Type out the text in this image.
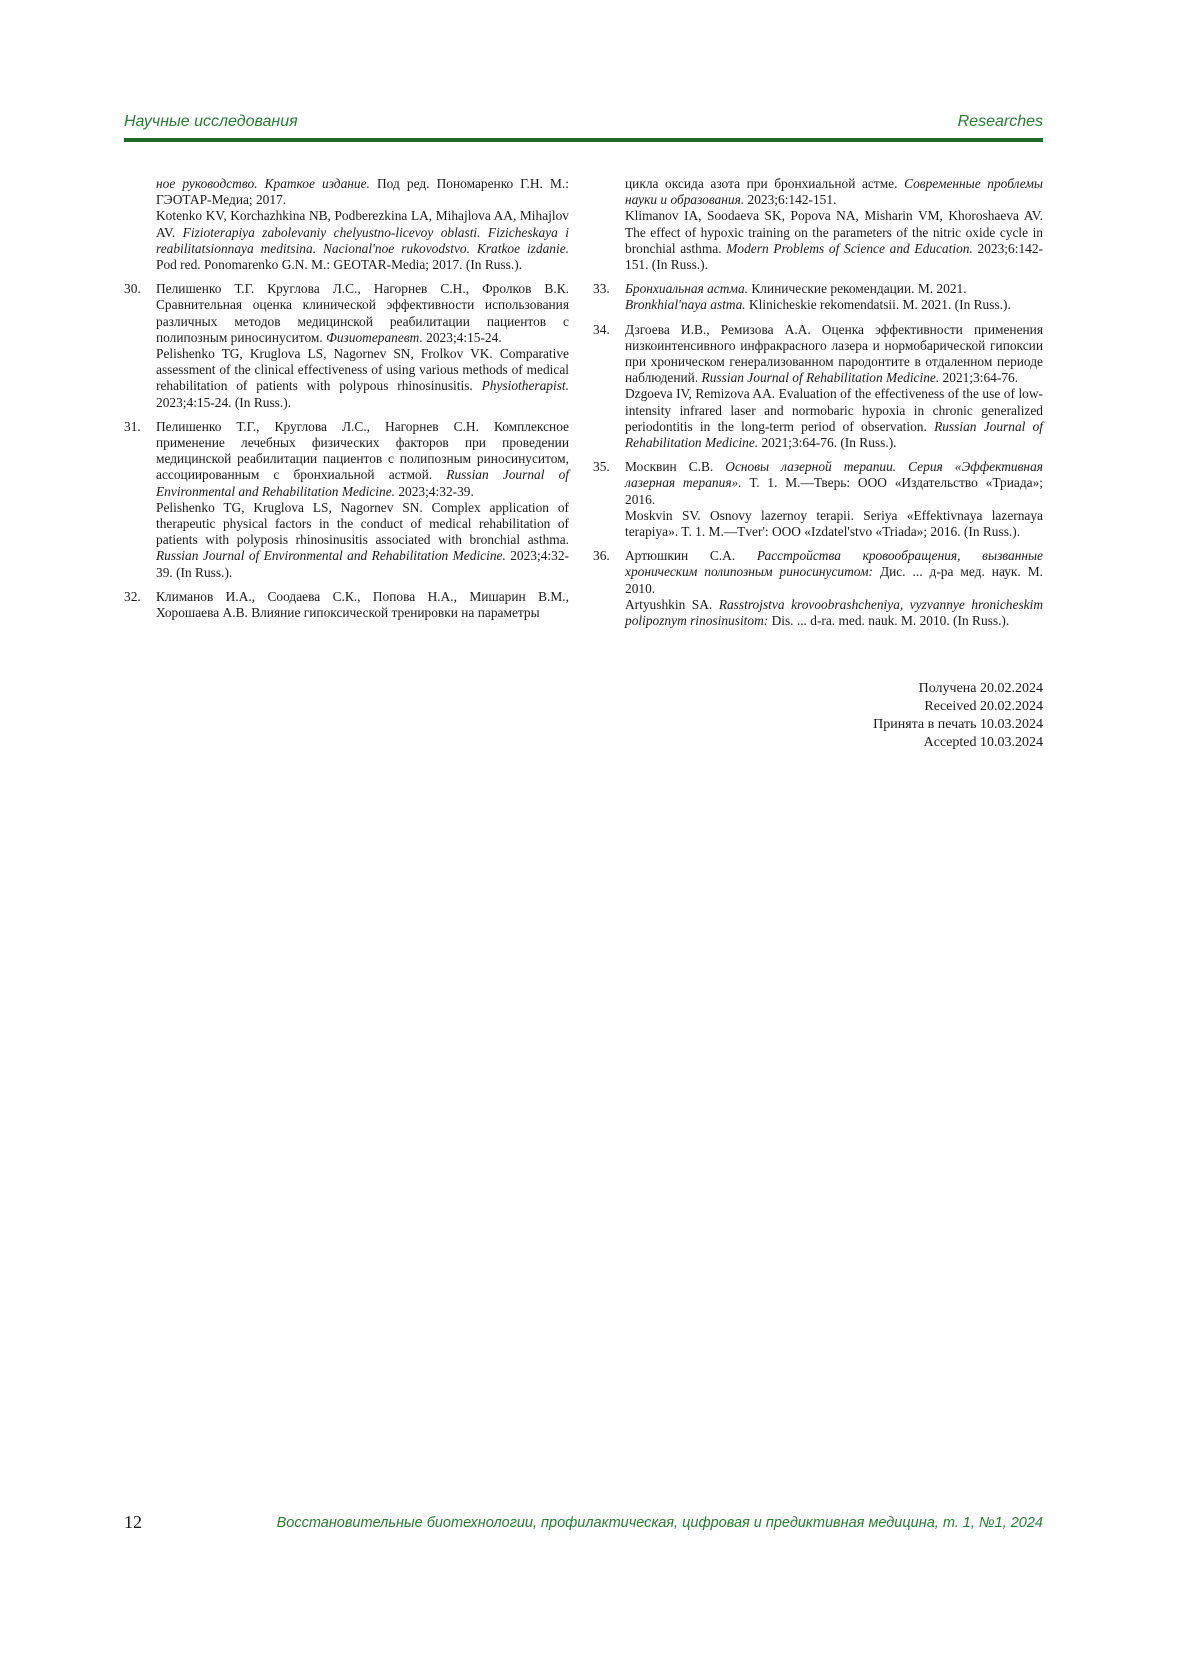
Научные исследования	Researches

ное руководство. Краткое издание. Под ред. Пономаренко Г.Н. М.: ГЭОТАР-Медиа; 2017.

Kotenko KV, Korchazhkina NB, Podberezkina LA, Mihajlova AA, Mihajlov AV. Fizioterapiya zabolevaniy chelyustno-licevoy oblasti. Fizicheskaya i reabilitatsionnaya meditsina. Nacional'noe rukovodstvo. Kratkoe izdanie. Pod red. Ponomarenko G.N. M.: GEOTAR-Media; 2017. (In Russ.).

30. Пелишенко Т.Г. Круглова Л.С., Нагорнев С.Н., Фролков В.К. Сравнительная оценка клинической эффективности использования различных методов медицинской реабилитации пациентов с полипозным риносинуситом. Физиотерапевт. 2023;4:15-24.

Pelishenko TG, Kruglova LS, Nagornev SN, Frolkov VK. Comparative assessment of the clinical effectiveness of using various methods of medical rehabilitation of patients with polypous rhinosinusitis. Physiotherapist. 2023;4:15-24. (In Russ.).

31. Пелишенко Т.Г., Круглова Л.С., Нагорнев С.Н. Комплексное применение лечебных физических факторов при проведении медицинской реабилитации пациентов с полипозным риносинуситом, ассоциированным с бронхиальной астмой. Russian Journal of Environmental and Rehabilitation Medicine. 2023;4:32-39.

Pelishenko TG, Kruglova LS, Nagornev SN. Complex application of therapeutic physical factors in the conduct of medical rehabilitation of patients with polyposis rhinosinusitis associated with bronchial asthma. Russian Journal of Environmental and Rehabilitation Medicine. 2023;4:32-39. (In Russ.).

32. Климанов И.А., Соодаева С.К., Попова Н.А., Мишарин В.М., Хорошаева А.В. Влияние гипоксической тренировки на параметры

цикла оксида азота при бронхиальной астме. Современные проблемы науки и образования. 2023;6:142-151.

Klimanov IA, Soodaeva SK, Popova NA, Misharin VM, Khoroshaeva AV. The effect of hypoxic training on the parameters of the nitric oxide cycle in bronchial asthma. Modern Problems of Science and Education. 2023;6:142-151. (In Russ.).

33. Бронхиальная астма. Клинические рекомендации. М. 2021.

Bronkhial'naya astma. Klinicheskie rekomendatsii. M. 2021. (In Russ.).

34. Дзгоева И.В., Ремизова А.А. Оценка эффективности применения низкоинтенсивного инфракрасного лазера и нормобарической гипоксии при хроническом генерализованном пародонтите в отдаленном периоде наблюдений. Russian Journal of Rehabilitation Medicine. 2021;3:64-76.

Dzgoeva IV, Remizova AA. Evaluation of the effectiveness of the use of low-intensity infrared laser and normobaric hypoxia in chronic generalized periodontitis in the long-term period of observation. Russian Journal of Rehabilitation Medicine. 2021;3:64-76. (In Russ.).

35. Москвин С.В. Основы лазерной терапии. Серия «Эффективная лазерная терапия». Т. 1. М.—Тверь: ООО «Издательство «Триада»; 2016.

Moskvin SV. Osnovy lazernoy terapii. Seriya «Effektivnaya lazernaya terapiya». T. 1. M.—Tver': OOO «Izdatel'stvo «Triada»; 2016. (In Russ.).

36. Артюшкин С.А. Расстройства кровообращения, вызванные хроническим полипозным риносинуситом: Дис. ... д-ра мед. наук. М. 2010.

Artyushkin SA. Rasstrojstva krovoobrashcheniya, vyzvannye hronicheskim polipoznym rinosinusitom: Dis. ... d-ra. med. nauk. M. 2010. (In Russ.).

Получена 20.02.2024
Received 20.02.2024
Принята в печать 10.03.2024
Accepted 10.03.2024
12	Восстановительные биотехнологии, профилактическая, цифровая и предиктивная медицина, т. 1, №1, 2024
